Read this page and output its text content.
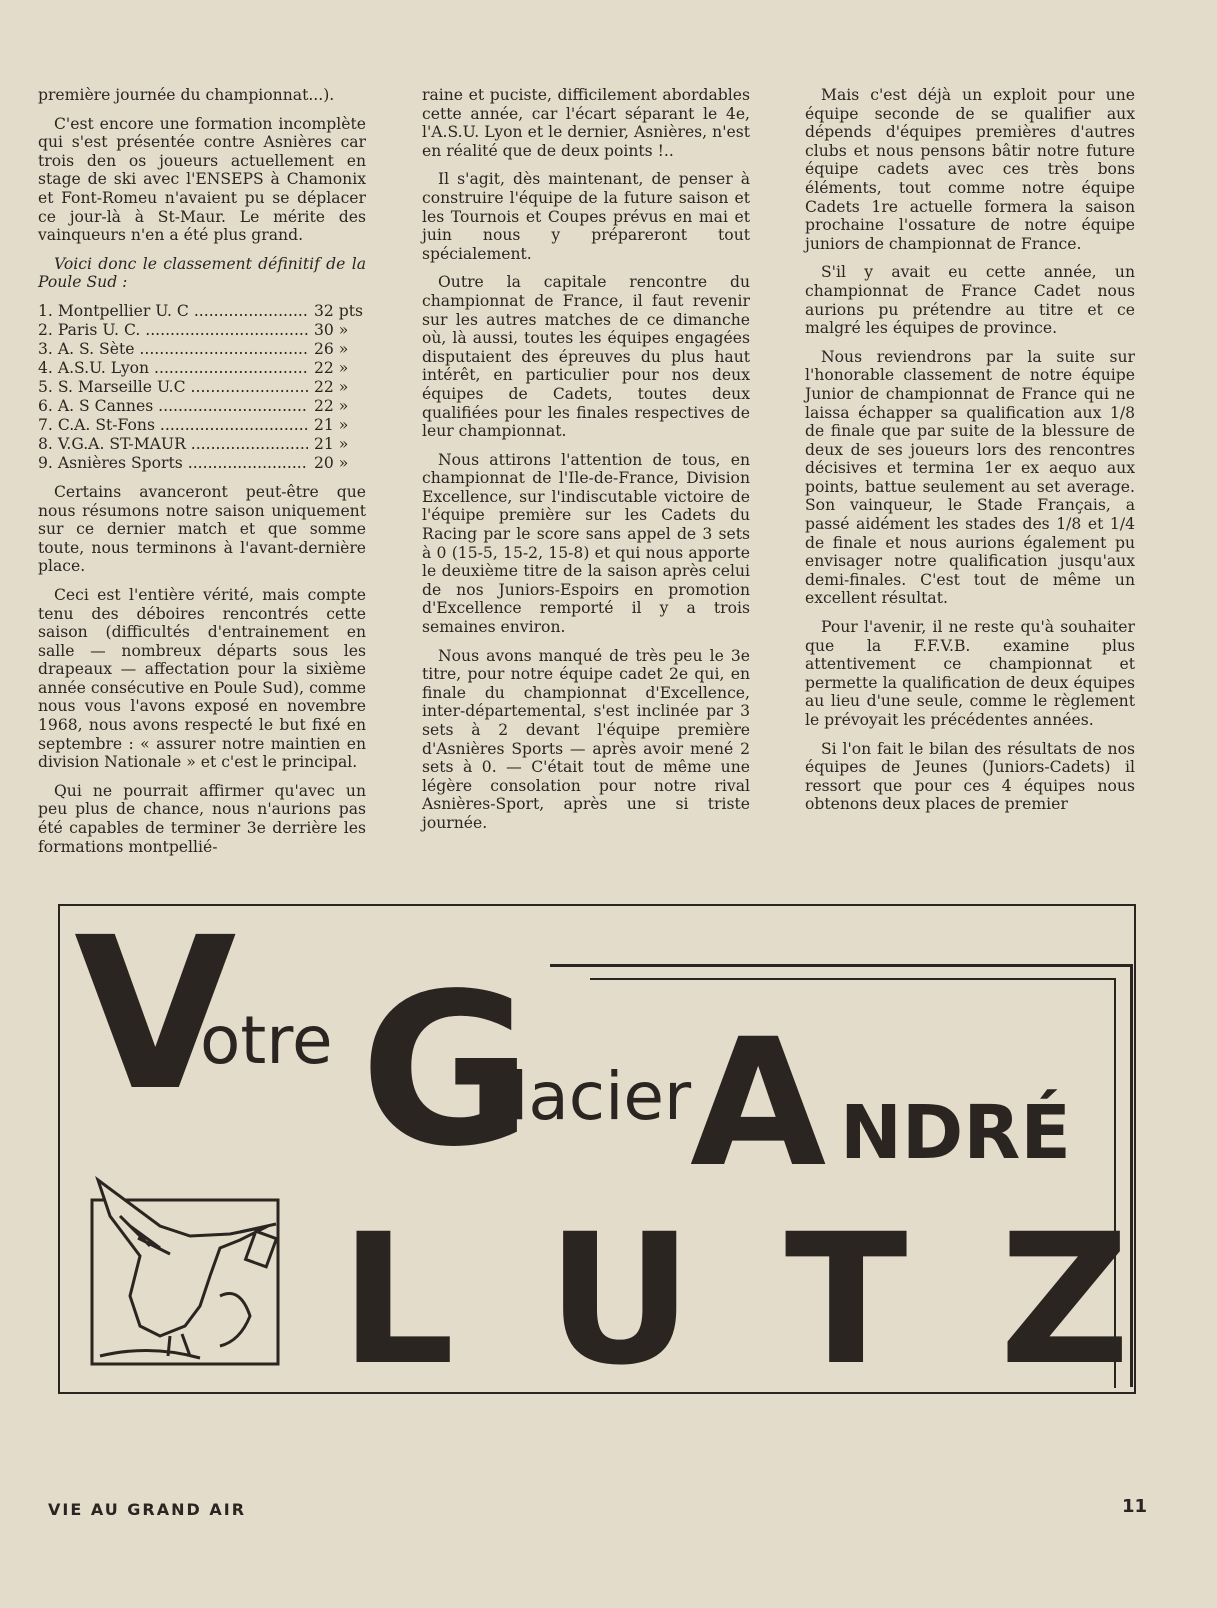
première journée du championnat...).

C'est encore une formation incomplète qui s'est présentée contre Asnières car trois den os joueurs actuellement en stage de ski avec l'ENSEPS à Chamonix et Font-Romeu n'avaient pu se déplacer ce jour-là à St-Maur. Le mérite des vainqueurs n'en a été plus grand.

Voici donc le classement définitif de la Poule Sud :

1. Montpellier U. C .....	32 pts
2. Paris U. C. .....	30 »
3. A. S. Sète .....	26 »
4. A.S.U. Lyon .....	22 »
5. S. Marseille U.C .....	22 »
6. A. S Cannes .....	22 »
7. C.A. St-Fons .....	21 »
8. V.G.A. ST-MAUR .....	21 »
9. Asnières Sports .....	20 »

Certains avanceront peut-être que nous résumons notre saison uniquement sur ce dernier match et que somme toute, nous terminons à l'avant-dernière place.

Ceci est l'entière vérité, mais compte tenu des déboires rencontrés cette saison (difficultés d'entrainement en salle — nombreux départs sous les drapeaux — affectation pour la sixième année consécutive en Poule Sud), comme nous vous l'avons exposé en novembre 1968, nous avons respecté le but fixé en septembre : « assurer notre maintien en division Nationale » et c'est le principal.

Qui ne pourrait affirmer qu'avec un peu plus de chance, nous n'aurions pas été capables de terminer 3e derrière les formations montpellié-

raine et puciste, difficilement abordables cette année, car l'écart séparant le 4e, l'A.S.U. Lyon et le dernier, Asnières, n'est en réalité que de deux points !..

Il s'agit, dès maintenant, de penser à construire l'équipe de la future saison et les Tournois et Coupes prévus en mai et juin nous y prépareront tout spécialement.

Outre la capitale rencontre du championnat de France, il faut revenir sur les autres matches de ce dimanche où, là aussi, toutes les équipes engagées disputaient des épreuves du plus haut intérêt, en particulier pour nos deux équipes de Cadets, toutes deux qualifiées pour les finales respectives de leur championnat.

Nous attirons l'attention de tous, en championnat de l'Ile-de-France, Division Excellence, sur l'indiscutable victoire de l'équipe première sur les Cadets du Racing par le score sans appel de 3 sets à 0 (15-5, 15-2, 15-8) et qui nous apporte le deuxième titre de la saison après celui de nos Juniors-Espoirs en promotion d'Excellence remporté il y a trois semaines environ.

Nous avons manqué de très peu le 3e titre, pour notre équipe cadet 2e qui, en finale du championnat d'Excellence, inter-départemental, s'est inclinée par 3 sets à 2 devant l'équipe première d'Asnières Sports — après avoir mené 2 sets à 0. — C'était tout de même une légère consolation pour notre rival Asnières-Sport, après une si triste journée.

Mais c'est déjà un exploit pour une équipe seconde de se qualifier aux dépends d'équipes premières d'autres clubs et nous pensons bâtir notre future équipe cadets avec ces très bons éléments, tout comme notre équipe Cadets 1re actuelle formera la saison prochaine l'ossature de notre équipe juniors de championnat de France.

S'il y avait eu cette année, un championnat de France Cadet nous aurions pu prétendre au titre et ce malgré les équipes de province.

Nous reviendrons par la suite sur l'honorable classement de notre équipe Junior de championnat de France qui ne laissa échapper sa qualification aux 1/8 de finale que par suite de la blessure de deux de ses joueurs lors des rencontres décisives et termina 1er ex aequo aux points, battue seulement au set average. Son vainqueur, le Stade Français, a passé aidément les stades des 1/8 et 1/4 de finale et nous aurions également pu envisager notre qualification jusqu'aux demi-finales. C'est tout de même un excellent résultat.

Pour l'avenir, il ne reste qu'à souhaiter que la F.F.V.B. examine plus attentivement ce championnat et permette la qualification de deux équipes au lieu d'une seule, comme le règlement le prévoyait les précédentes années.

Si l'on fait le bilan des résultats de nos équipes de Jeunes (Juniors-Cadets) il ressort que pour ces 4 équipes nous obtenons deux places de premier

V
otre G
lacier
A NDRÉ
L U T Z
VIE AU GRAND AIR	11
